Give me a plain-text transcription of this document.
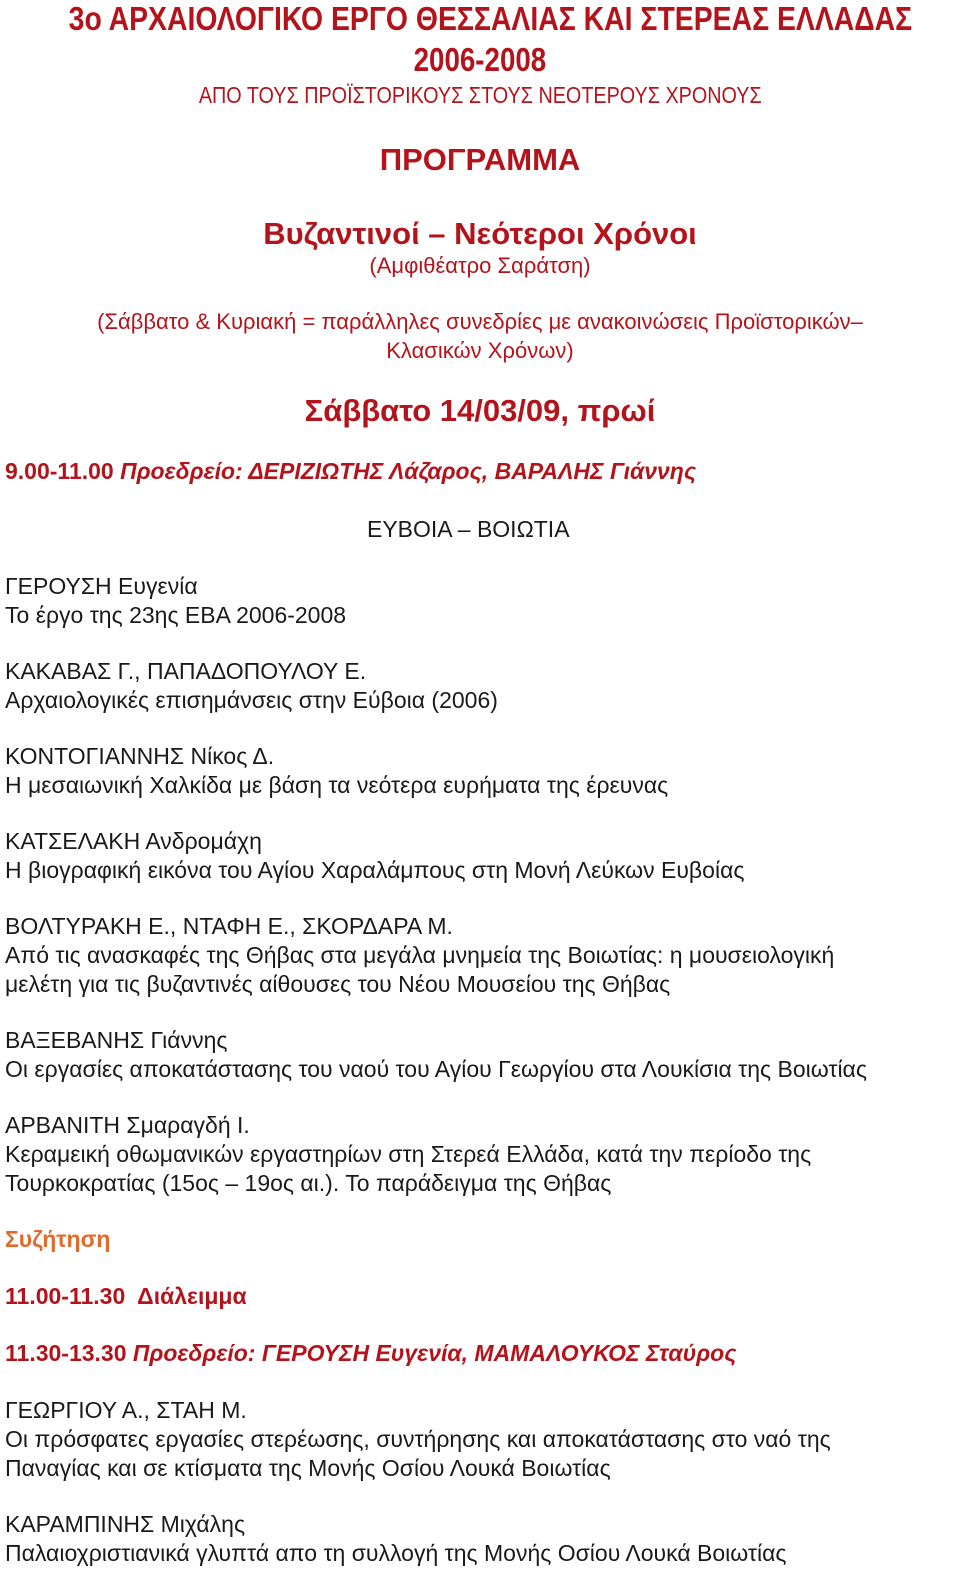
3ο ΑΡΧΑΙΟΛΟΓΙΚΟ ΕΡΓΟ ΘΕΣΣΑΛΙΑΣ ΚΑΙ ΣΤΕΡΕΑΣ ΕΛΛΑΔΑΣ
2006-2008
ΑΠΟ ΤΟΥΣ ΠΡΟΪΣΤΟΡΙΚΟΥΣ ΣΤΟΥΣ ΝΕΟΤΕΡΟΥΣ ΧΡΟΝΟΥΣ
ΠΡΟΓΡΑΜΜΑ
Βυζαντινοί – Νεότεροι Χρόνοι
(Αμφιθέατρο Σαράτση)
(Σάββατο & Κυριακή = παράλληλες συνεδρίες με ανακοινώσεις Προϊστορικών–
Κλασικών Χρόνων)
Σάββατο 14/03/09, πρωί
9.00-11.00 Προεδρείο: ΔΕΡΙΖΙΩΤΗΣ Λάζαρος, ΒΑΡΑΛΗΣ Γιάννης
ΕΥΒΟΙΑ – ΒΟΙΩΤΙΑ
ΓΕΡΟΥΣΗ Ευγενία
Το έργο της 23ης ΕΒΑ 2006-2008
ΚΑΚΑΒΑΣ Γ., ΠΑΠΑΔΟΠΟΥΛΟΥ Ε.
Αρχαιολογικές επισημάνσεις στην Εύβοια (2006)
ΚΟΝΤΟΓΙΑΝΝΗΣ Νίκος Δ.
Η μεσαιωνική Χαλκίδα με βάση τα νεότερα ευρήματα της έρευνας
ΚΑΤΣΕΛΑΚΗ Ανδρομάχη
Η βιογραφική εικόνα του Αγίου Χαραλάμπους στη Μονή Λεύκων Ευβοίας
ΒΟΛΤΥΡΑΚΗ Ε., ΝΤΑΦΗ Ε., ΣΚΟΡΔΑΡΑ Μ.
Από τις ανασκαφές της Θήβας στα μεγάλα μνημεία της Βοιωτίας: η μουσειολογική
μελέτη για τις βυζαντινές αίθουσες του Νέου Μουσείου της Θήβας
ΒΑΞΕΒΑΝΗΣ Γιάννης
Οι εργασίες αποκατάστασης του ναού του Αγίου Γεωργίου στα Λουκίσια της Βοιωτίας
ΑΡΒΑΝΙΤΗ Σμαραγδή Ι.
Κεραμεική οθωμανικών εργαστηρίων στη Στερεά Ελλάδα, κατά την περίοδο της
Τουρκοκρατίας (15ος – 19ος αι.). Το παράδειγμα της Θήβας
Συζήτηση
11.00-11.30 Διάλειμμα
11.30-13.30 Προεδρείο: ΓΕΡΟΥΣΗ Ευγενία, ΜΑΜΑΛΟΥΚΟΣ Σταύρος
ΓΕΩΡΓΙΟΥ Α., ΣΤΑΗ Μ.
Οι πρόσφατες εργασίες στερέωσης, συντήρησης και αποκατάστασης στο ναό της
Παναγίας και σε κτίσματα της Μονής Οσίου Λουκά Βοιωτίας
ΚΑΡΑΜΠΙΝΗΣ Μιχάλης
Παλαιοχριστιανικά γλυπτά απο τη συλλογή της Μονής Οσίου Λουκά Βοιωτίας
